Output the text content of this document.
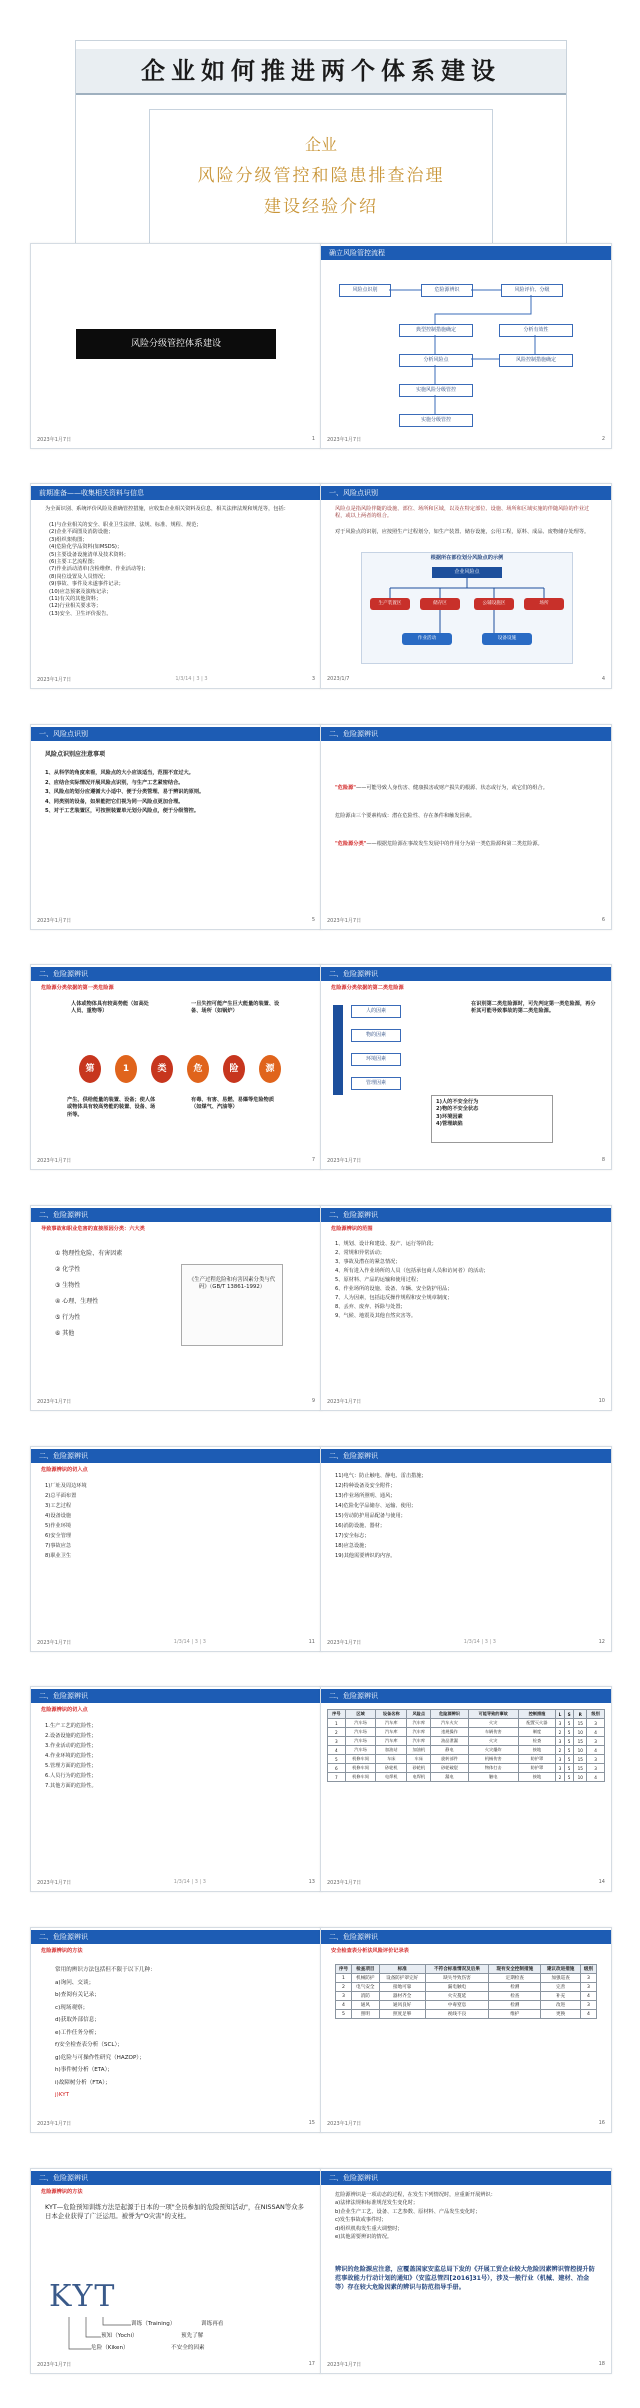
企业如何推进两个体系建设
企业
风险分级管控和隐患排查治理
建设经验介绍
风险分级管控体系建设
2023年1月7日	1
确立风险管控流程
风险点识别	危险源辨识	风险评价、分级
典型控制措施确定
分析风险点
实施风险分级管控
风险控制措施确定
分析有效性
实施分级管控
2023年1月7日	2
前期准备——收集相关资料与信息
为全面识别、系统评价风险及准确管控措施，应收集企业相关资料及信息，相关法律法规和规范等，包括：
(1)与企业相关的安全、职业卫生法律、法规、标准、规程、规范；
(2)企业平面图及消防设施；
(3)组织架构图；
(4)危险化学品资料(如MSDS)；
(5)主要设备设施清单及技术资料；
(6)主要工艺流程图；
(7)作业活动清单(含检维修、作业活动等)；
(8)岗位设置及人员情况；
(9)事故、事件及未遂事件记录；
(10)应急预案及演练记录；
(11)有关的其他资料；
(12)行业相关要求等；
(13)安全、卫生评价报告。
2023年1月7日	1/3/14 | 3 | 3	3
一、风险点识别
风险点是指风险伴随的设施、部位、场所和区域，以及在特定部位、设施、场所和区域实施的伴随风险的作业过程，或以上两者的组合。
对于风险点的识别，应按照生产过程划分，如生产装置、储存设施，公用工程，原料、成品、废物储存处理等。
根据所在部位划分风险点的示例
企业风险点
生产装置区	储存区	公辅设施区	场所
作业活动	设备设施
2023/1/7	4
一、风险点识别
风险点识别应注意事项
1、从科学的角度来看，风险点的大小应该适当，范围不宜过大。
2、应结合实际情况开展风险点识别，与生产工艺紧密结合。
3、风险点的划分应遵循大小适中、便于分类管理、易于辨识的原则。
4、同类别的设备，如果能把它们视为同一风险点更加合理。
5、对于工艺装置区，可按照装置单元划分风险点，便于分级管控。
2023年1月7日	5
二、危险源辨识
"危险源"——可能导致人身伤害、健康损害或财产损失的根源、状态或行为，或它们的组合。
危险源由三个要素构成：潜在危险性、存在条件和触发因素。
"危险源分类"——根据危险源在事故发生发展中的作用分为第一类危险源和第二类危险源。
2023年1月7日	6
二、危险源辨识
危险源分类依据的第一类危险源
人体或物体具有较高势能（如高处人员、重物等）
一旦失控可能产生巨大能量的装置、设备、场所（如锅炉）
第	1	类	危	险	源
产生、供给能量的装置、设备；使人体或物体具有较高势能的装置、设备、场所等。
有毒、有害、易燃、易爆等危险物质（如煤气、汽油等）
2023年1月7日	7
二、危险源辨识
危险源分类依据的第二类危险源
人的因素
物的因素
环境因素
管理因素
在识别第二类危险源时，可先判定第一类危险源，再分析其可能导致事故的第二类危险源。
1)人的不安全行为
2)物的不安全状态
3)环境因素
4)管理缺陷
2023年1月7日	8
二、危险源辨识
导致事故和职业危害的直接原因分类：六大类
① 物理性危险、有害因素
② 化学性
③ 生物性
④ 心理、生理性
⑤ 行为性
⑥ 其他
《生产过程危险和有害因素分类与代码》（GB/T 13861-1992）
2023年1月7日	9
二、危险源辨识
危险源辨识的范围
1、规划、设计和建设、投产、运行等阶段；
2、常规和异常活动；
3、事故及潜在的紧急情况；
4、所有进入作业场所的人员（包括承包商人员和访问者）的活动；
5、原材料、产品的运输和使用过程；
6、作业场所的设施、设备、车辆、安全防护用品；
7、人为因素，包括违反操作规程和安全规章制度；
8、丢弃、废弃、拆除与处置；
9、气候、地震及其他自然灾害等。
2023年1月7日	10
二、危险源辨识
危险源辨识的切入点
1)厂址及周边环境
2)总平面布置
3)工艺过程
4)设备设施
5)作业环境
6)安全管理
7)事故应急
8)职业卫生
2023年1月7日	1/3/14 | 3 | 3	11
二、危险源辨识
11)电气：防止触电、静电、雷击措施；
12)特种设备及安全附件；
13)作业场所照明、通风；
14)危险化学品储存、运输、使用；
15)劳动防护用品配备与使用；
16)消防设施、器材；
17)安全标志；
18)应急设施；
19)其他需要辨识的内容。
2023年1月7日	1/3/14 | 3 | 3	12
二、危险源辨识
危险源辨识的切入点
1.生产工艺的危险性；
2.设备设施的危险性；
3.作业活动的危险性；
4.作业环境的危险性；
5.管理方面的危险性；
6.人员行为的危险性；
7.其他方面的危险性。
2023年1月7日	1/3/14 | 3 | 3	13
二、危险源辨识
序号	区域	设备名称	风险点	危险源辨识	可能导致的事故	控制措施	L	S	R	级别
1	汽车场	汽车库	汽车库	汽车火灾	火灾	配置灭火器	3	5	15	3
2	汽车场	汽车库	汽车库	违规操作	车辆伤害	制度	2	5	10	4
3	汽车场	汽车库	汽车库	油品泄漏	火灾	检查	3	5	15	3
4	汽车场	加油站	加油机	静电	火灾爆炸	接地	2	5	10	4
5	机修车间	车床	车床	旋转部件	机械伤害	防护罩	3	5	15	3
6	机修车间	砂轮机	砂轮机	砂轮破裂	物体打击	防护罩	3	5	15	3
7	机修车间	电焊机	电焊机	漏电	触电	接地	2	5	10	4
2023年1月7日	14
二、危险源辨识
危险源辨识的方法
常用的辨识方法包括但不限于以下几种：
a)询问、交谈；
b)查阅有关记录；
c)现场观察；
d)获取外部信息；
e)工作任务分析；
f)安全检查表分析（SCL）；
g)危险与可操作性研究（HAZOP）；
h)事件树分析（ETA）；
i)故障树分析（FTA）；
j)KYT
2023年1月7日	15
二、危险源辨识
安全检查表分析法风险评价记录表
序号	检查项目	标准	不符合标准情况及后果	现有安全控制措施	建议改进措施	级别
1	机械防护	设备防护罩完好	缺失导致伤害	定期检查	加强巡查	3
2	电气安全	接地可靠	漏电触电	检测	完善	3
3	消防	器材齐全	火灾蔓延	检查	补充	4
4	通风	通风良好	中毒窒息	检测	改进	3
5	照明	照度足够	视线不良	维护	更换	4
2023年1月7日	16
二、危险源辨识
危险源辨识的方法
KYT—危险预知训练方法是起源于日本的一项"全员参加的危险预知活动"，在NISSAN等众多日本企业获得了广泛运用。被誉为"O灾害"的支柱。
KYT
训练（Training）
预知（Yochi）
危险（Kiken）
训练再看
预先了解
不安全的因素
2023年1月7日	17
二、危险源辨识
危险源辨识是一项动态的过程，在发生下列情况时，应重新开展辨识：
a)法律法规和标准规范发生变化时；
b)企业生产工艺、设备、工艺参数、原材料、产品发生变化时；
c)发生事故或事件时；
d)组织机构发生重大调整时；
e)其他需要辨识的情况。
辨识的危险源应注意，应覆盖国家安监总局下发的《开展工贸企业较大危险因素辨识管控提升防范事故能力行动计划的通知》（安监总管四[2016]31号），涉及一般行业（机械、建材、冶金等）存在较大危险因素的辨识与防范指导手册。
2023年1月7日	18
